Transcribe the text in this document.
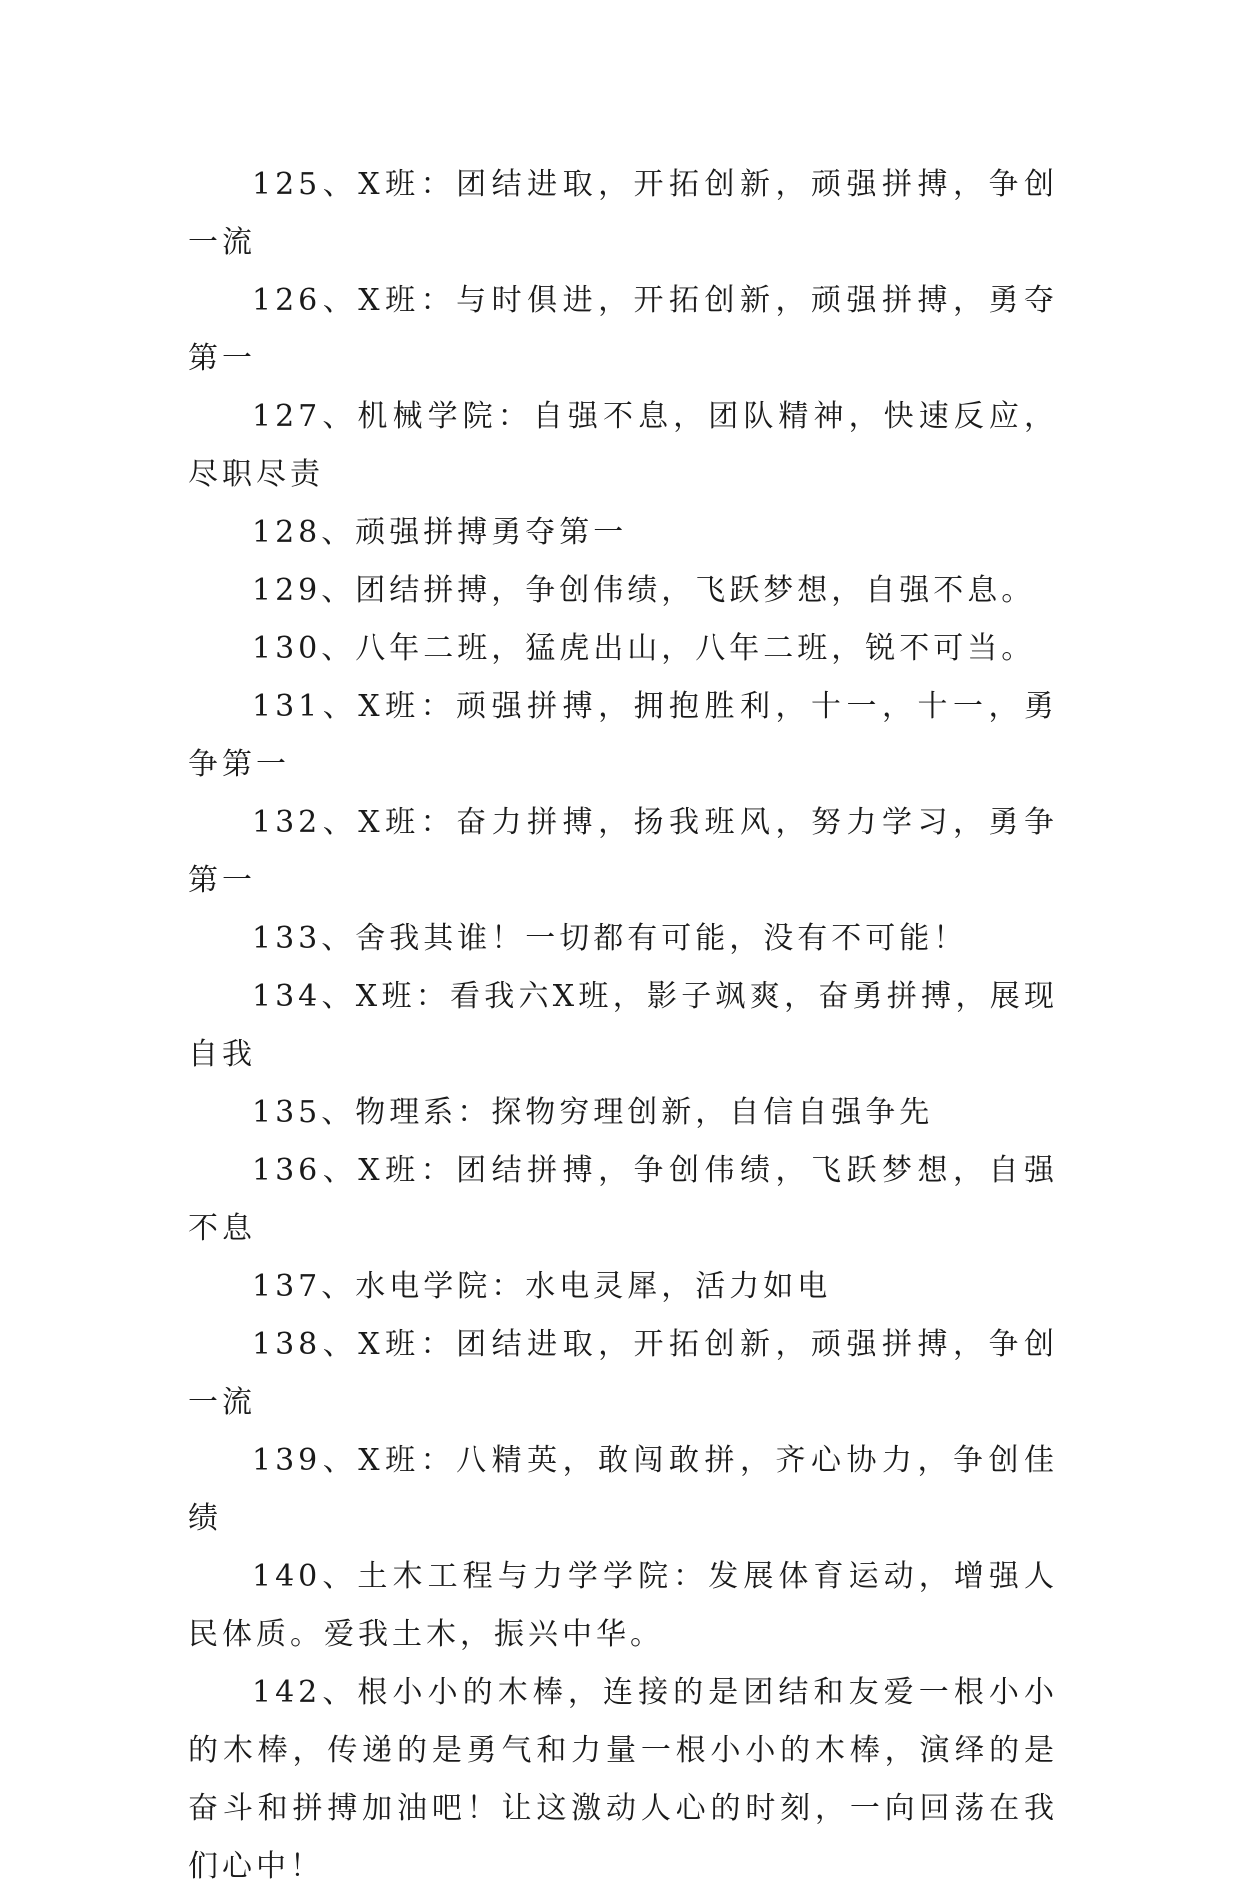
125、X班：团结进取，开拓创新，顽强拼搏，争创一流

126、X班：与时俱进，开拓创新，顽强拼搏，勇夺第一

127、机械学院：自强不息，团队精神，快速反应，尽职尽责

128、顽强拼搏勇夺第一

129、团结拼搏，争创伟绩，飞跃梦想，自强不息。

130、八年二班，猛虎出山，八年二班，锐不可当。

131、X班：顽强拼搏，拥抱胜利，十一，十一，勇争第一

132、X班：奋力拼搏，扬我班风，努力学习，勇争第一

133、舍我其谁！一切都有可能，没有不可能！

134、X班：看我六X班，影子飒爽，奋勇拼搏，展现自我

135、物理系：探物穷理创新，自信自强争先

136、X班：团结拼搏，争创伟绩，飞跃梦想，自强不息

137、水电学院：水电灵犀，活力如电

138、X班：团结进取，开拓创新，顽强拼搏，争创一流

139、X班：八精英，敢闯敢拼，齐心协力，争创佳绩

140、土木工程与力学学院：发展体育运动，增强人民体质。爱我土木，振兴中华。

142、根小小的木棒，连接的是团结和友爱一根小小的木棒，传递的是勇气和力量一根小小的木棒，演绎的是奋斗和拼搏加油吧！让这激动人心的时刻，一向回荡在我们心中！
